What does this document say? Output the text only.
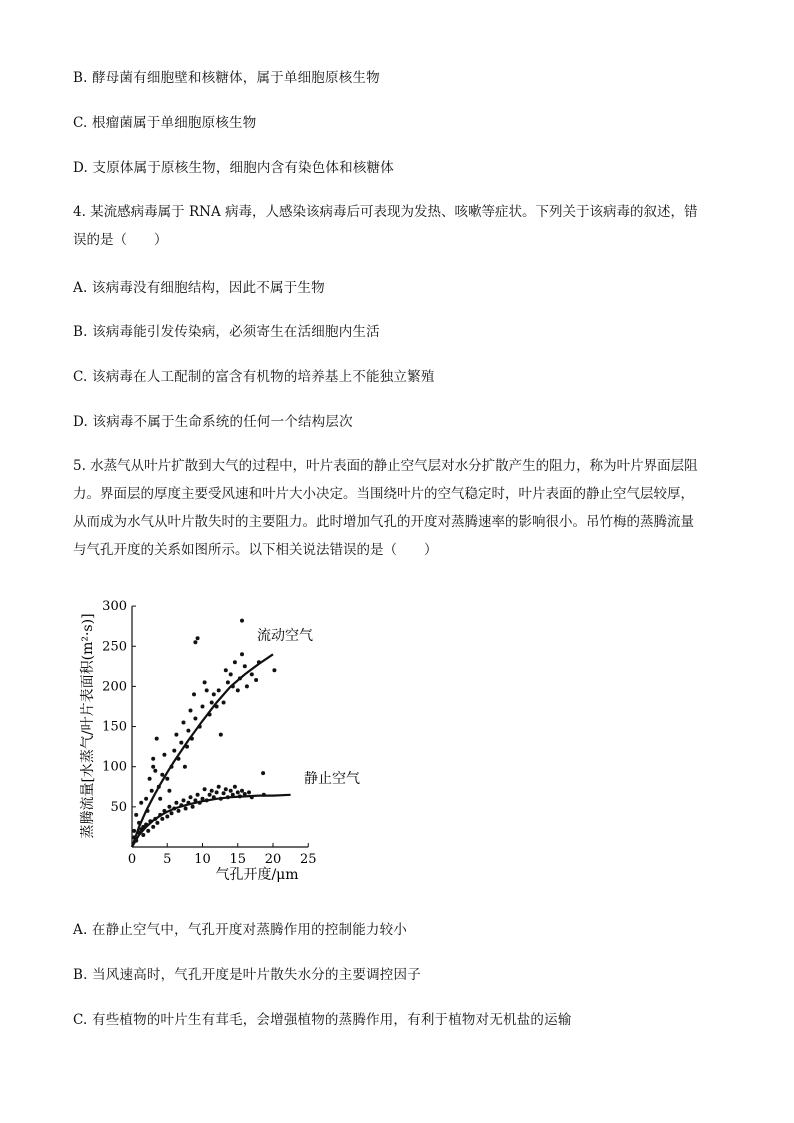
B. 酵母菌有细胞壁和核糖体，属于单细胞原核生物
C. 根瘤菌属于单细胞原核生物
D. 支原体属于原核生物，细胞内含有染色体和核糖体
4. 某流感病毒属于 RNA 病毒，人感染该病毒后可表现为发热、咳嗽等症状。下列关于该病毒的叙述，错
误的是（　　）
A. 该病毒没有细胞结构，因此不属于生物
B. 该病毒能引发传染病，必须寄生在活细胞内生活
C. 该病毒在人工配制的富含有机物的培养基上不能独立繁殖
D. 该病毒不属于生命系统的任何一个结构层次
5. 水蒸气从叶片扩散到大气的过程中，叶片表面的静止空气层对水分扩散产生的阻力，称为叶片界面层阻
力。界面层的厚度主要受风速和叶片大小决定。当围绕叶片的空气稳定时，叶片表面的静止空气层较厚，
从而成为水气从叶片散失时的主要阻力。此时增加气孔的开度对蒸腾速率的影响很小。吊竹梅的蒸腾流量
与气孔开度的关系如图所示。以下相关说法错误的是（　　）
0 5 10 15 20 25
50
100
150
200
250
300
蒸腾流量[水蒸气/叶片表面积(m²·s)]
气孔开度/μm
流动空气
静止空气
A. 在静止空气中，气孔开度对蒸腾作用的控制能力较小
B. 当风速高时，气孔开度是叶片散失水分的主要调控因子
C. 有些植物的叶片生有茸毛，会增强植物的蒸腾作用，有利于植物对无机盐的运输
